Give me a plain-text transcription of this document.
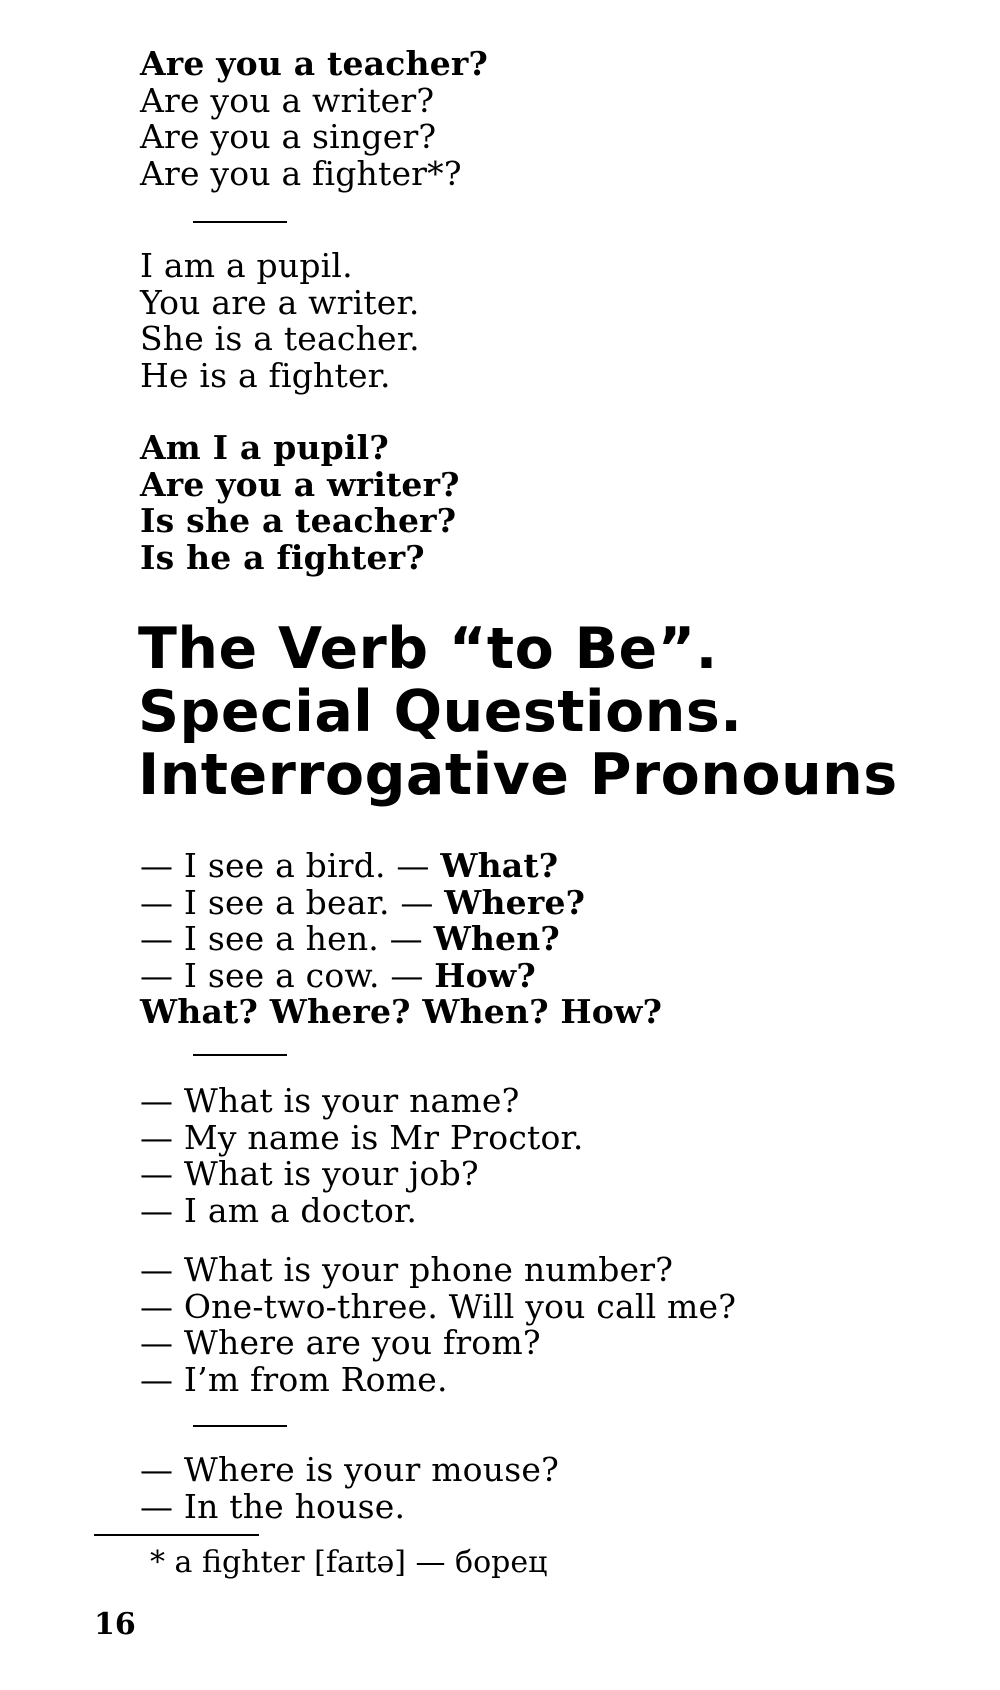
Are you a teacher?
Are you a writer?
Are you a singer?
Are you a fighter*?
I am a pupil.
You are a writer.
She is a teacher.
He is a fighter.
Am I a pupil?
Are you a writer?
Is she a teacher?
Is he a fighter?
The Verb “to Be”.
Special Questions.
Interrogative Pronouns
— I see a bird. — What?
— I see a bear. — Where?
— I see a hen. — When?
— I see a cow. — How?
What? Where? When? How?
— What is your name?
— My name is Mr Proctor.
— What is your job?
— I am a doctor.
— What is your phone number?
— One-two-three. Will you call me?
— Where are you from?
— I’m from Rome.
— Where is your mouse?
— In the house.
* a fighter [faɪtə] — борец
16
